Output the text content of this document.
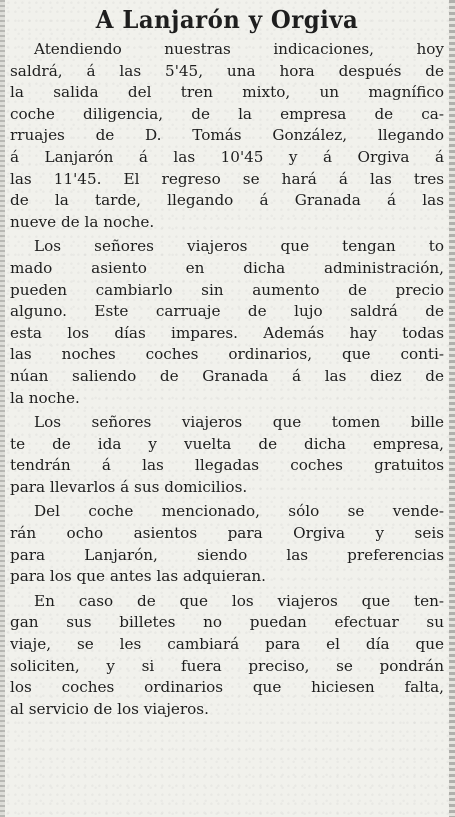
A Lanjarón y Orgiva
Atendiendo nuestras indicaciones, hoy
saldrá, á las 5'45, una hora después de
la salida del tren mixto, un magnífico
coche diligencia, de la empresa de ca-
rruajes de D. Tomás González, llegando
á Lanjarón á las 10'45 y á Orgiva á
las 11'45. El regreso se hará á las tres
de la tarde, llegando á Granada á las
nueve de la noche.
Los señores viajeros que tengan to
mado asiento en dicha administración,
pueden cambiarlo sin aumento de precio
alguno. Este carruaje de lujo saldrá de
esta los días impares. Además hay todas
las noches coches ordinarios, que conti-
núan saliendo de Granada á las diez de
la noche.
Los señores viajeros que tomen bille
te de ida y vuelta de dicha empresa,
tendrán á las llegadas coches gratuitos
para llevarlos á sus domicilios.
Del coche mencionado, sólo se vende-
rán ocho asientos para Orgiva y seis
para Lanjarón, siendo las preferencias
para los que antes las adquieran.
En caso de que los viajeros que ten-
gan sus billetes no puedan efectuar su
viaje, se les cambiará para el día que
soliciten, y si fuera preciso, se pondrán
los coches ordinarios que hiciesen falta,
al servicio de los viajeros.
